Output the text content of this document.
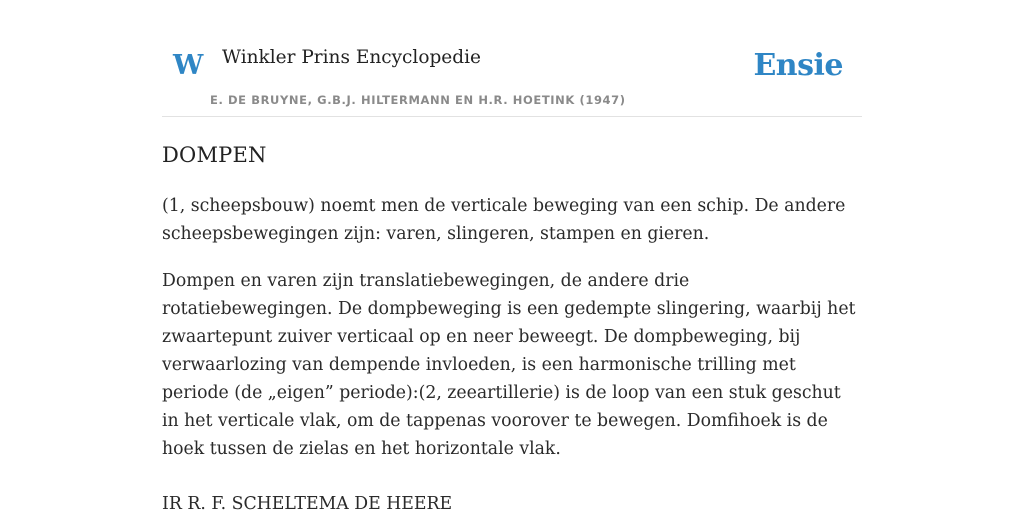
W Winkler Prins Encyclopedie
E. DE BRUYNE, G.B.J. HILTERMANN EN H.R. HOETINK (1947)
Ensie
DOMPEN

(1, scheepsbouw) noemt men de verticale beweging van een schip. De andere scheepsbewegingen zijn: varen, slingeren, stampen en gieren.

Dompen en varen zijn translatiebewegingen, de andere drie rotatiebewegingen. De dompbeweging is een gedempte slingering, waarbij het zwaartepunt zuiver verticaal op en neer beweegt. De dompbeweging, bij verwaarlozing van dempende invloeden, is een harmonische trilling met periode (de „eigen” periode):(2, zeeartillerie) is de loop van een stuk geschut in het verticale vlak, om de tappenas voorover te bewegen. Domfihoek is de hoek tussen de zielas en het horizontale vlak.

IR R. F. SCHELTEMA DE HEERE
